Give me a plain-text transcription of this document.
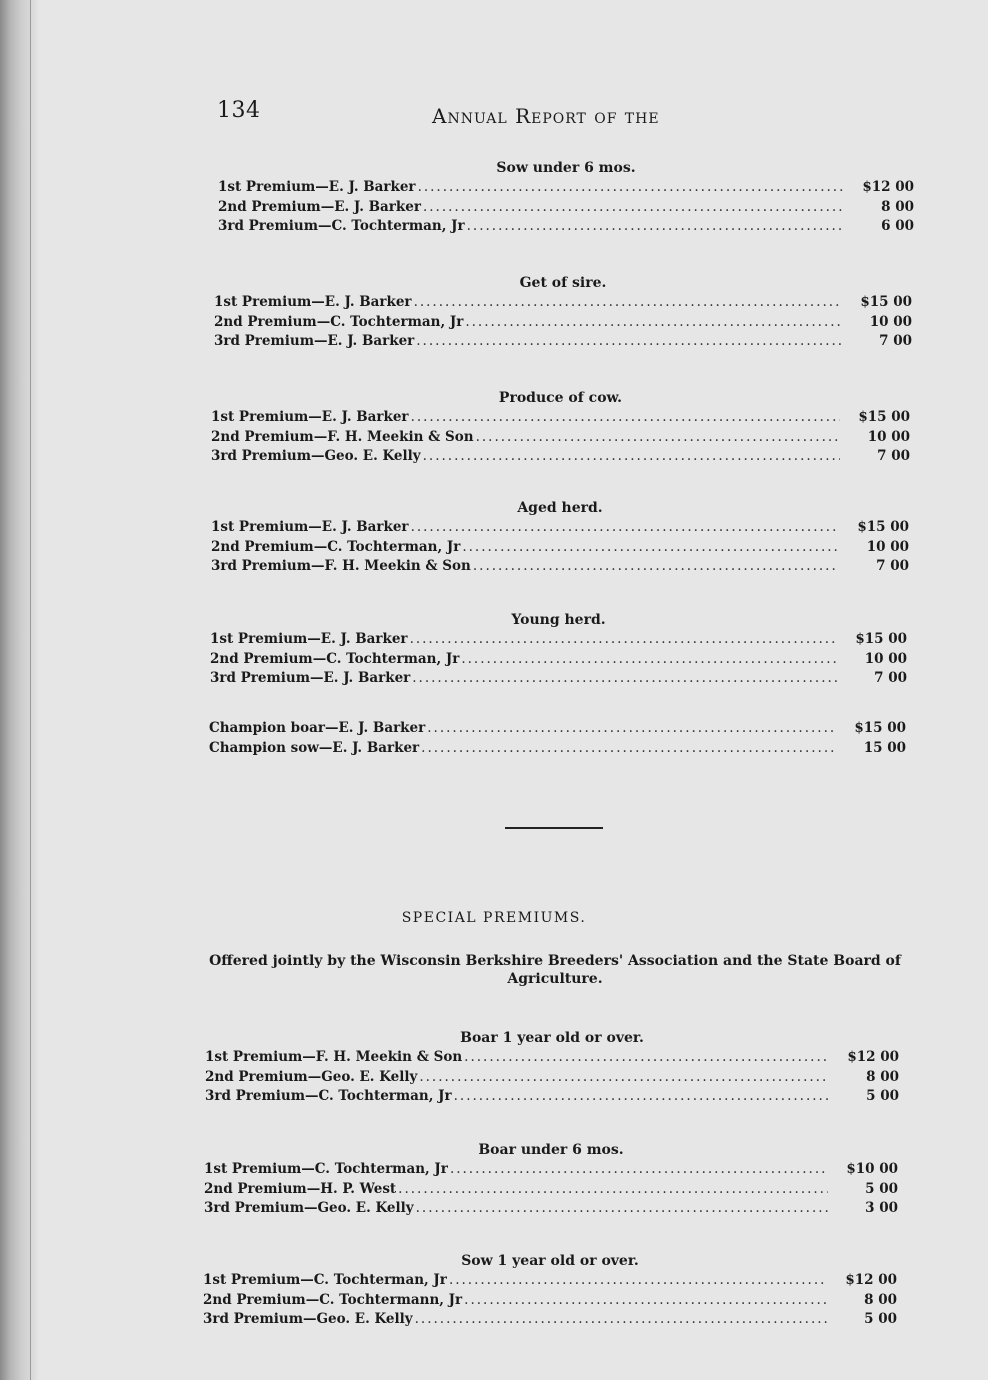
134	Annual Report of the
Sow under 6 mos.
1st Premium—E. J. Barker .....	$12 00
2nd Premium—E. J. Barker .....	8 00
3rd Premium—C. Tochterman, Jr .....	6 00
Get of sire.
1st Premium—E. J. Barker .....	$15 00
2nd Premium—C. Tochterman, Jr .....	10 00
3rd Premium—E. J. Barker .....	7 00
Produce of cow.
1st Premium—E. J. Barker .....	$15 00
2nd Premium—F. H. Meekin & Son .....	10 00
3rd Premium—Geo. E. Kelly .....	7 00
Aged herd.
1st Premium—E. J. Barker .....	$15 00
2nd Premium—C. Tochterman, Jr .....	10 00
3rd Premium—F. H. Meekin & Son .....	7 00
Young herd.
1st Premium—E. J. Barker .....	$15 00
2nd Premium—C. Tochterman, Jr .....	10 00
3rd Premium—E. J. Barker .....	7 00
Champion boar—E. J. Barker .....	$15 00
Champion sow—E. J. Barker .....	15 00
SPECIAL PREMIUMS.
Offered jointly by the Wisconsin Berkshire Breeders' Association and the State Board of Agriculture.
Boar 1 year old or over.
1st Premium—F. H. Meekin & Son .....	$12 00
2nd Premium—Geo. E. Kelly .....	8 00
3rd Premium—C. Tochterman, Jr .....	5 00
Boar under 6 mos.
1st Premium—C. Tochterman, Jr .....	$10 00
2nd Premium—H. P. West .....	5 00
3rd Premium—Geo. E. Kelly .....	3 00
Sow 1 year old or over.
1st Premium—C. Tochterman, Jr .....	$12 00
2nd Premium—C. Tochtermann, Jr .....	8 00
3rd Premium—Geo. E. Kelly .....	5 00
